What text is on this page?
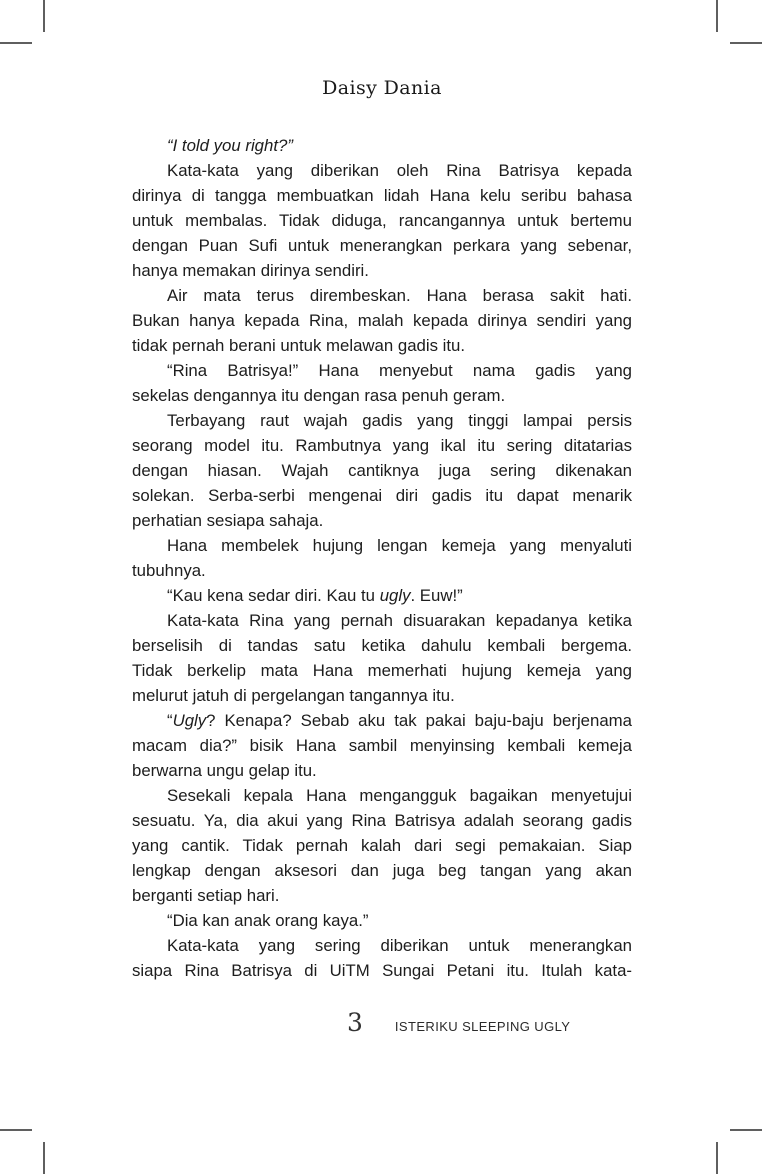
Daisy Dania
“I told you right?”
Kata-kata yang diberikan oleh Rina Batrisya kepada
dirinya di tangga membuatkan lidah Hana kelu seribu bahasa
untuk membalas. Tidak diduga, rancangannya untuk bertemu
dengan Puan Sufi untuk menerangkan perkara yang sebenar,
hanya memakan dirinya sendiri.
Air mata terus dirembeskan. Hana berasa sakit hati.
Bukan hanya kepada Rina, malah kepada dirinya sendiri yang
tidak pernah berani untuk melawan gadis itu.
“Rina Batrisya!” Hana menyebut nama gadis yang
sekelas dengannya itu dengan rasa penuh geram.
Terbayang raut wajah gadis yang tinggi lampai persis
seorang model itu. Rambutnya yang ikal itu sering ditatarias
dengan hiasan. Wajah cantiknya juga sering dikenakan
solekan. Serba-serbi mengenai diri gadis itu dapat menarik
perhatian sesiapa sahaja.
Hana membelek hujung lengan kemeja yang menyaluti
tubuhnya.
“Kau kena sedar diri. Kau tu ugly. Euw!”
Kata-kata Rina yang pernah disuarakan kepadanya ketika
berselisih di tandas satu ketika dahulu kembali bergema.
Tidak berkelip mata Hana memerhati hujung kemeja yang
melurut jatuh di pergelangan tangannya itu.
“Ugly? Kenapa? Sebab aku tak pakai baju-baju berjenama
macam dia?” bisik Hana sambil menyinsing kembali kemeja
berwarna ungu gelap itu.
Sesekali kepala Hana mengangguk bagaikan menyetujui
sesuatu. Ya, dia akui yang Rina Batrisya adalah seorang gadis
yang cantik. Tidak pernah kalah dari segi pemakaian. Siap
lengkap dengan aksesori dan juga beg tangan yang akan
berganti setiap hari.
“Dia kan anak orang kaya.”
Kata-kata yang sering diberikan untuk menerangkan
siapa Rina Batrisya di UiTM Sungai Petani itu. Itulah kata-
3 ISTERIKU SLEEPING UGLY
